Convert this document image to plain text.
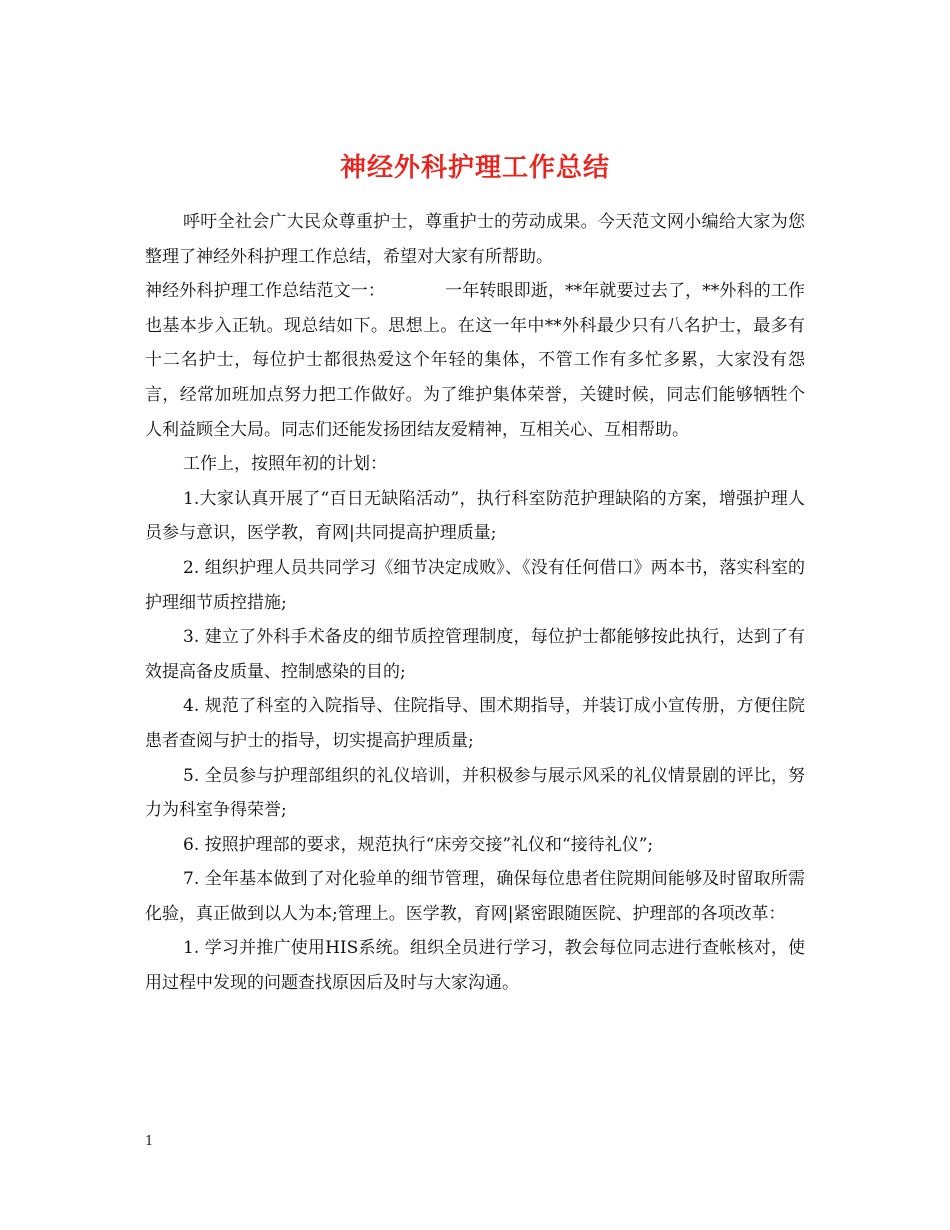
神经外科护理工作总结

呼吁全社会广大民众尊重护士，尊重护士的劳动成果。今天范文网小编给大家为您整理了神经外科护理工作总结，希望对大家有所帮助。

神经外科护理工作总结范文一：　　　　一年转眼即逝，**年就要过去了，**外科的工作也基本步入正轨。现总结如下。思想上。在这一年中**外科最少只有八名护士，最多有十二名护士，每位护士都很热爱这个年轻的集体，不管工作有多忙多累，大家没有怨言，经常加班加点努力把工作做好。为了维护集体荣誉，关键时候，同志们能够牺牲个人利益顾全大局。同志们还能发扬团结友爱精神，互相关心、互相帮助。

工作上，按照年初的计划：

1.大家认真开展了“百日无缺陷活动”，执行科室防范护理缺陷的方案，增强护理人员参与意识，医学教，育网|共同提高护理质量;

2. 组织护理人员共同学习《细节决定成败》、《没有任何借口》两本书，落实科室的护理细节质控措施;

3. 建立了外科手术备皮的细节质控管理制度，每位护士都能够按此执行，达到了有效提高备皮质量、控制感染的目的;

4. 规范了科室的入院指导、住院指导、围术期指导，并装订成小宣传册，方便住院患者查阅与护士的指导，切实提高护理质量;

5. 全员参与护理部组织的礼仪培训，并积极参与展示风采的礼仪情景剧的评比，努力为科室争得荣誉;

6. 按照护理部的要求，规范执行“床旁交接”礼仪和“接待礼仪”;

7. 全年基本做到了对化验单的细节管理，确保每位患者住院期间能够及时留取所需化验，真正做到以人为本;管理上。医学教，育网|紧密跟随医院、护理部的各项改革：

1. 学习并推广使用HIS系统。组织全员进行学习，教会每位同志进行查帐核对，使用过程中发现的问题查找原因后及时与大家沟通。

1
